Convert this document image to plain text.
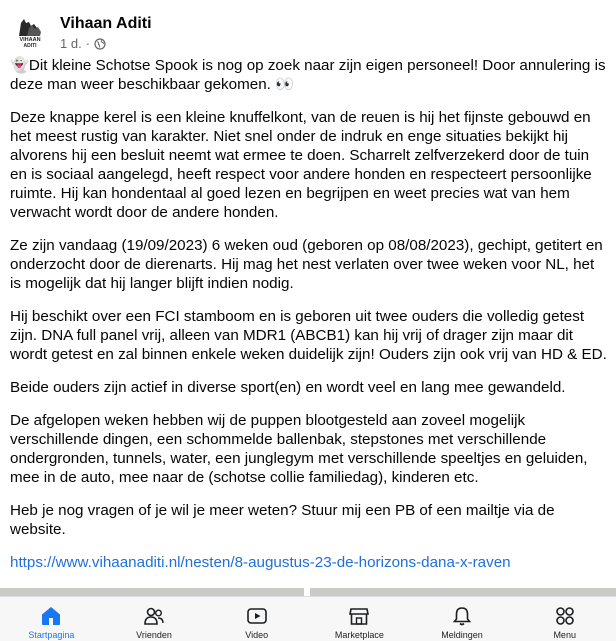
VIHAAN
ADITI
Vihaan Aditi
1 d. ·

👻Dit kleine Schotse Spook is nog op zoek naar zijn eigen personeel! Door annulering is deze man weer beschikbaar gekomen. 👀

Deze knappe kerel is een kleine knuffelkont, van de reuen is hij het fijnste gebouwd en het meest rustig van karakter. Niet snel onder de indruk en enge situaties bekijkt hij alvorens hij een besluit neemt wat ermee te doen. Scharrelt zelfverzekerd door de tuin en is sociaal aangelegd, heeft respect voor andere honden en respecteert persoonlijke ruimte. Hij kan hondentaal al goed lezen en begrijpen en weet precies wat van hem verwacht wordt door de andere honden.

Ze zijn vandaag (19/09/2023) 6 weken oud (geboren op 08/08/2023), gechipt, getitert en onderzocht door de dierenarts. Hij mag het nest verlaten over twee weken voor NL, het is mogelijk dat hij langer blijft indien nodig.

Hij beschikt over een FCI stamboom en is geboren uit twee ouders die volledig getest zijn. DNA full panel vrij, alleen van MDR1 (ABCB1) kan hij vrij of drager zijn maar dit wordt getest en zal binnen enkele weken duidelijk zijn! Ouders zijn ook vrij van HD & ED.

Beide ouders zijn actief in diverse sport(en) en wordt veel en lang mee gewandeld.

De afgelopen weken hebben wij de puppen blootgesteld aan zoveel mogelijk verschillende dingen, een schommelde ballenbak, stepstones met verschillende ondergronden, tunnels, water, een junglegym met verschillende speeltjes en geluiden, mee in de auto, mee naar de (schotse collie familiedag), kinderen etc.

Heb je nog vragen of je wil je meer weten? Stuur mij een PB of een mailtje via de website.

https://www.vihaanaditi.nl/nesten/8-augustus-23-de-horizons-dana-x-raven

Startpagina	Vrienden	Video	Marketplace	Meldingen	Menu
